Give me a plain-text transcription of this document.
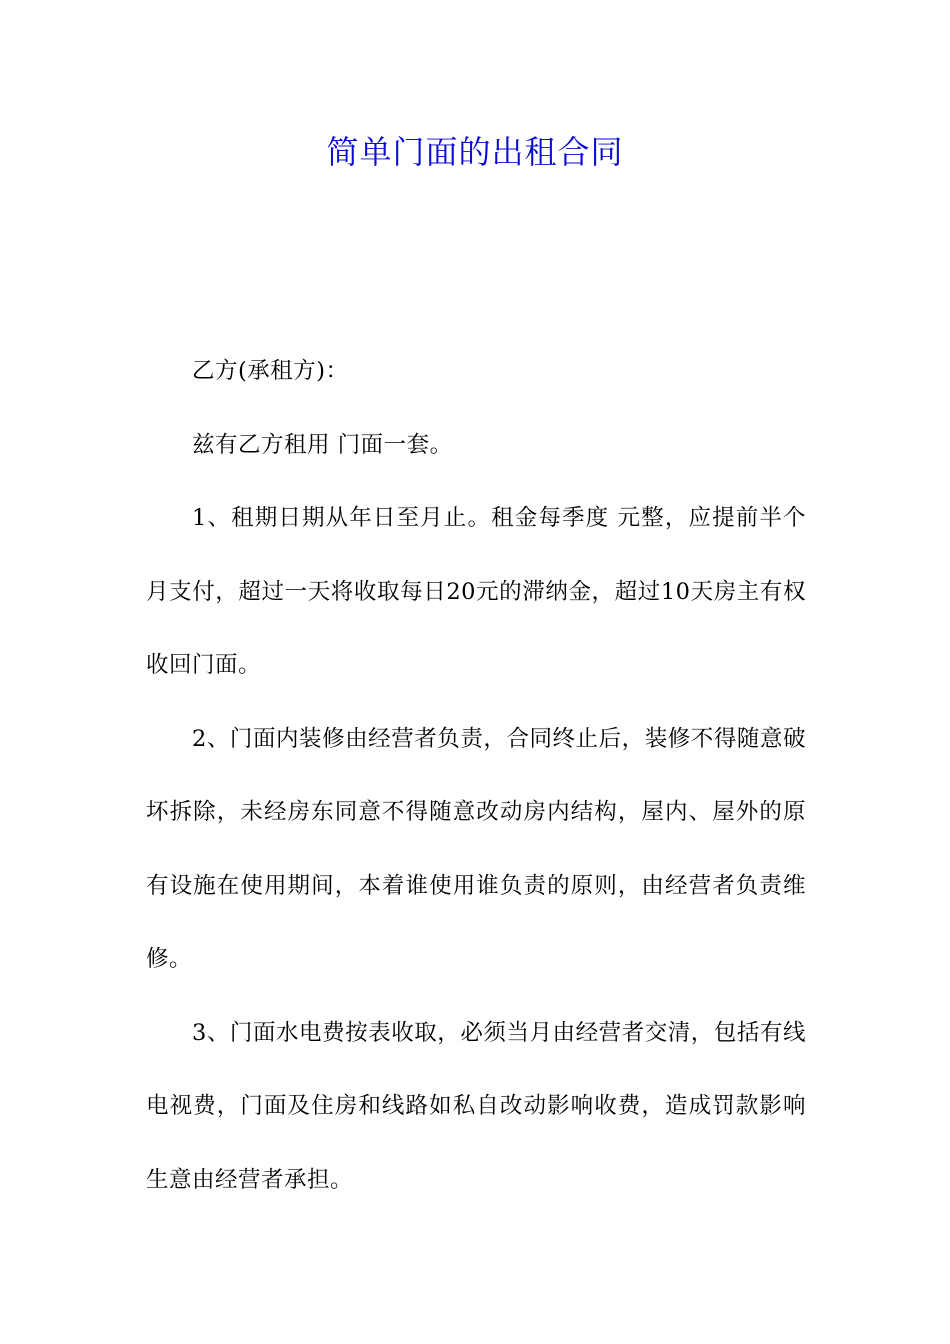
简单门面的出租合同

乙方(承租方)：

兹有乙方租用 门面一套。

1、租期日期从年日至月止。租金每季度 元整，应提前半个月支付，超过一天将收取每日20元的滞纳金，超过10天房主有权收回门面。

2、门面内装修由经营者负责，合同终止后，装修不得随意破坏拆除，未经房东同意不得随意改动房内结构，屋内、屋外的原有设施在使用期间，本着谁使用谁负责的原则，由经营者负责维修。

3、门面水电费按表收取，必须当月由经营者交清，包括有线电视费，门面及住房和线路如私自改动影响收费，造成罚款影响生意由经营者承担。
